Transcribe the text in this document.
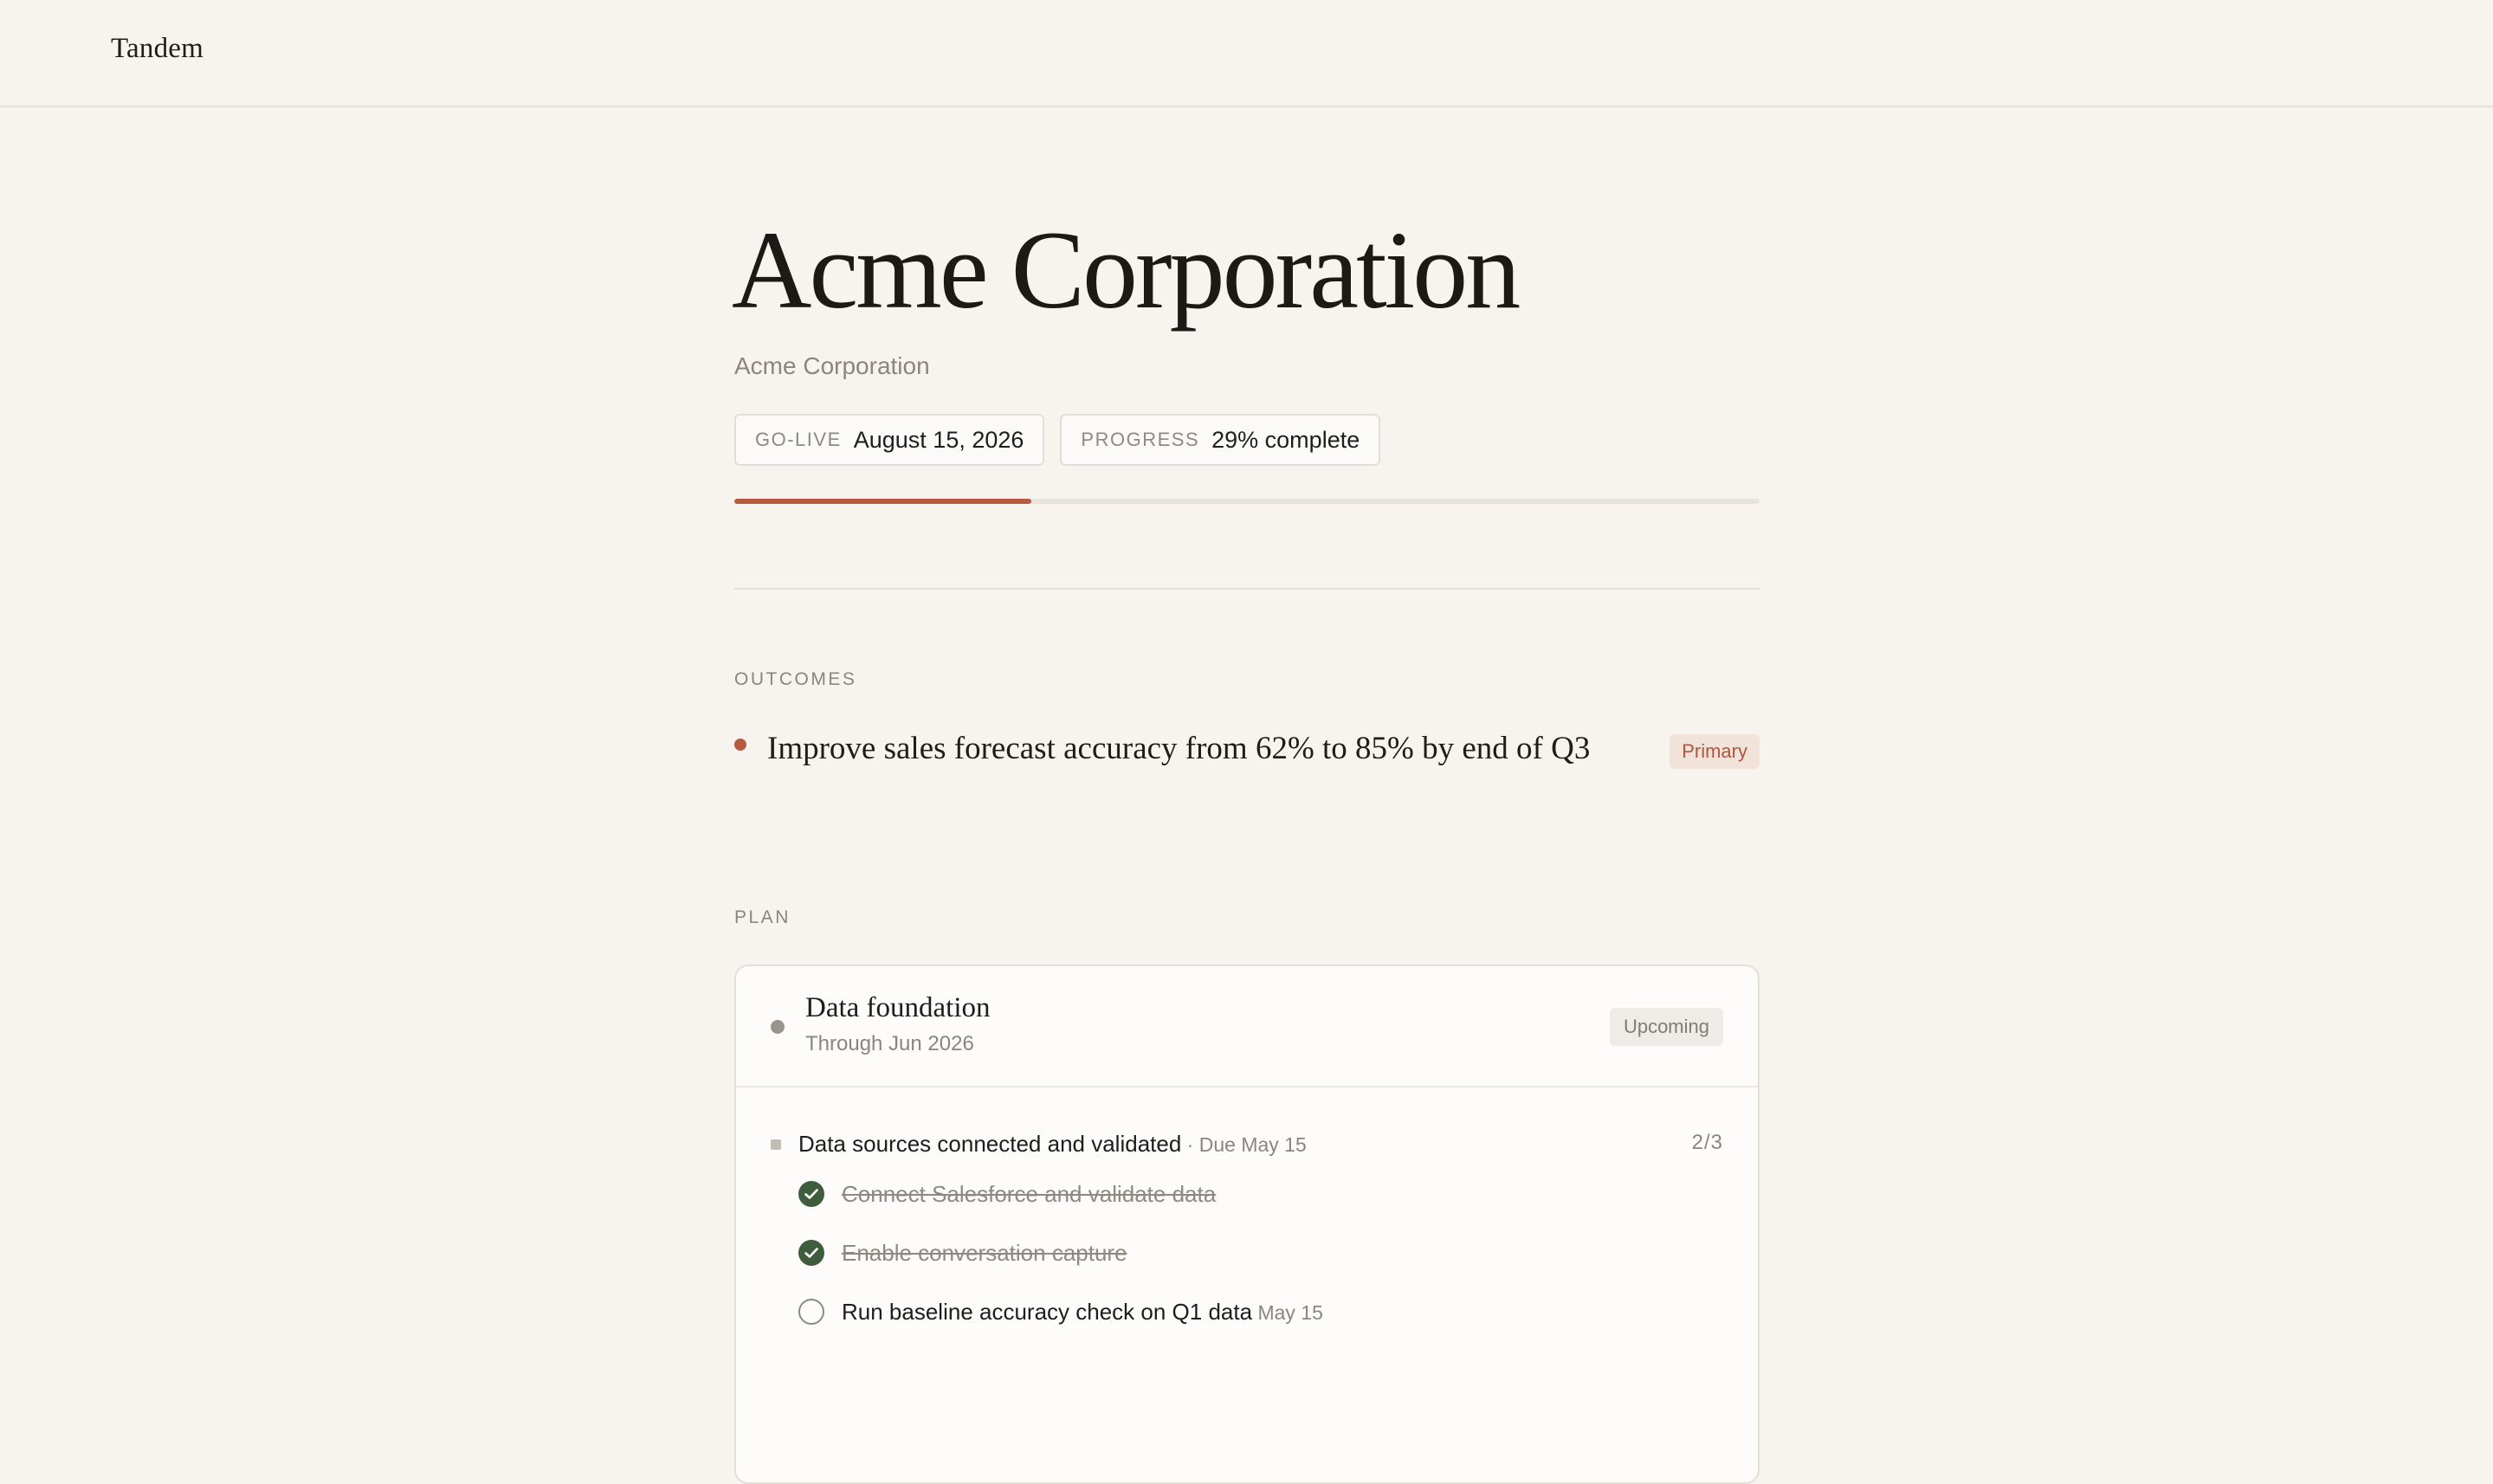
Tandem
Acme Corporation
Acme Corporation
GO-LIVE August 15, 2026	PROGRESS 29% complete
OUTCOMES
Improve sales forecast accuracy from 62% to 85% by end of Q3	Primary
PLAN
Data foundation
Through Jun 2026
Upcoming
Data sources connected and validated · Due May 15	2/3
Connect Salesforce and validate data
Enable conversation capture
Run baseline accuracy check on Q1 data May 15
